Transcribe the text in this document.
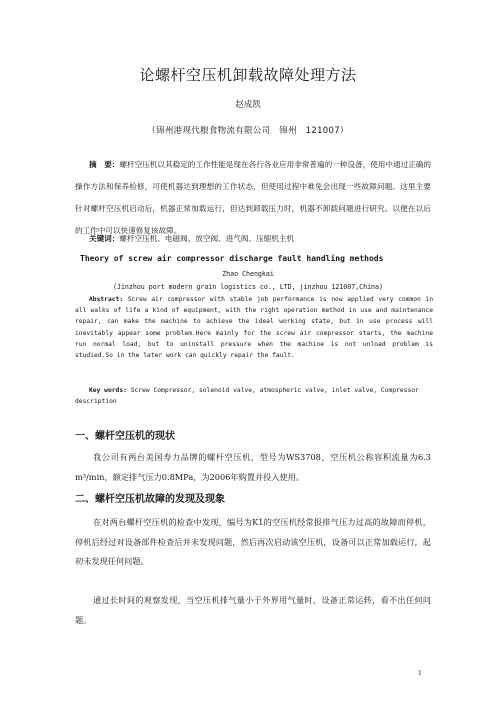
论螺杆空压机卸载故障处理方法
赵成凯
（锦州港现代粮食物流有限公司　锦州　121007）
摘　要：螺杆空压机以其稳定的工作性能是现在各行各业应用非常普遍的一种设备，使用中通过正确的操作方法和保养检修，可使机器达到理想的工作状态，但使用过程中难免会出现一些故障问题。这里主要针对螺杆空压机启动后，机器正常加载运行，但达到卸载压力时，机器不卸载问题进行研究。以便在以后的工作中可以快速修复该故障。
关键词：螺杆空压机、电磁阀、放空阀、进气阀、压缩机主机
Theory of screw air compressor discharge fault handling methods
Zhao Chengkai
(Jinzhou port modern grain logistics co., LTD, jinzhou 121007,China)
Abstract: Screw air compressor with stable job performance is now applied very common in all walks of life a kind of equipment, with the right operation method in use and maintenance repair, can make the machine to achieve the ideal working state, but in use process will inevitably appear some problem.Here mainly for the screw air compressor starts, the machine run normal load, but to uninstall pressure when the machine is not unload problem is studied.So in the later work can quickly repair the fault.
Key words: Screw Compressor, solenoid valve, atmospheric valve, inlet valve, Compressor description
一、螺杆空压机的现状
我公司有两台美国寿力品牌的螺杆空压机，型号为WS3708，空压机公称容积流量为6.3 m³/min，额定排气压力0.8MPa，为2006年购置并投入使用。
二、螺杆空压机故障的发现及现象
在对两台螺杆空压机的检查中发现，编号为K1的空压机经常报排气压力过高的故障而停机，停机后经过对设备部件检查后并未发现问题，然后再次启动该空压机，设备可以正常加载运行，起初未发现任何问题。
通过长时间的观察发现，当空压机排气量小于外界用气量时，设备正常运转，看不出任何问题。
1
